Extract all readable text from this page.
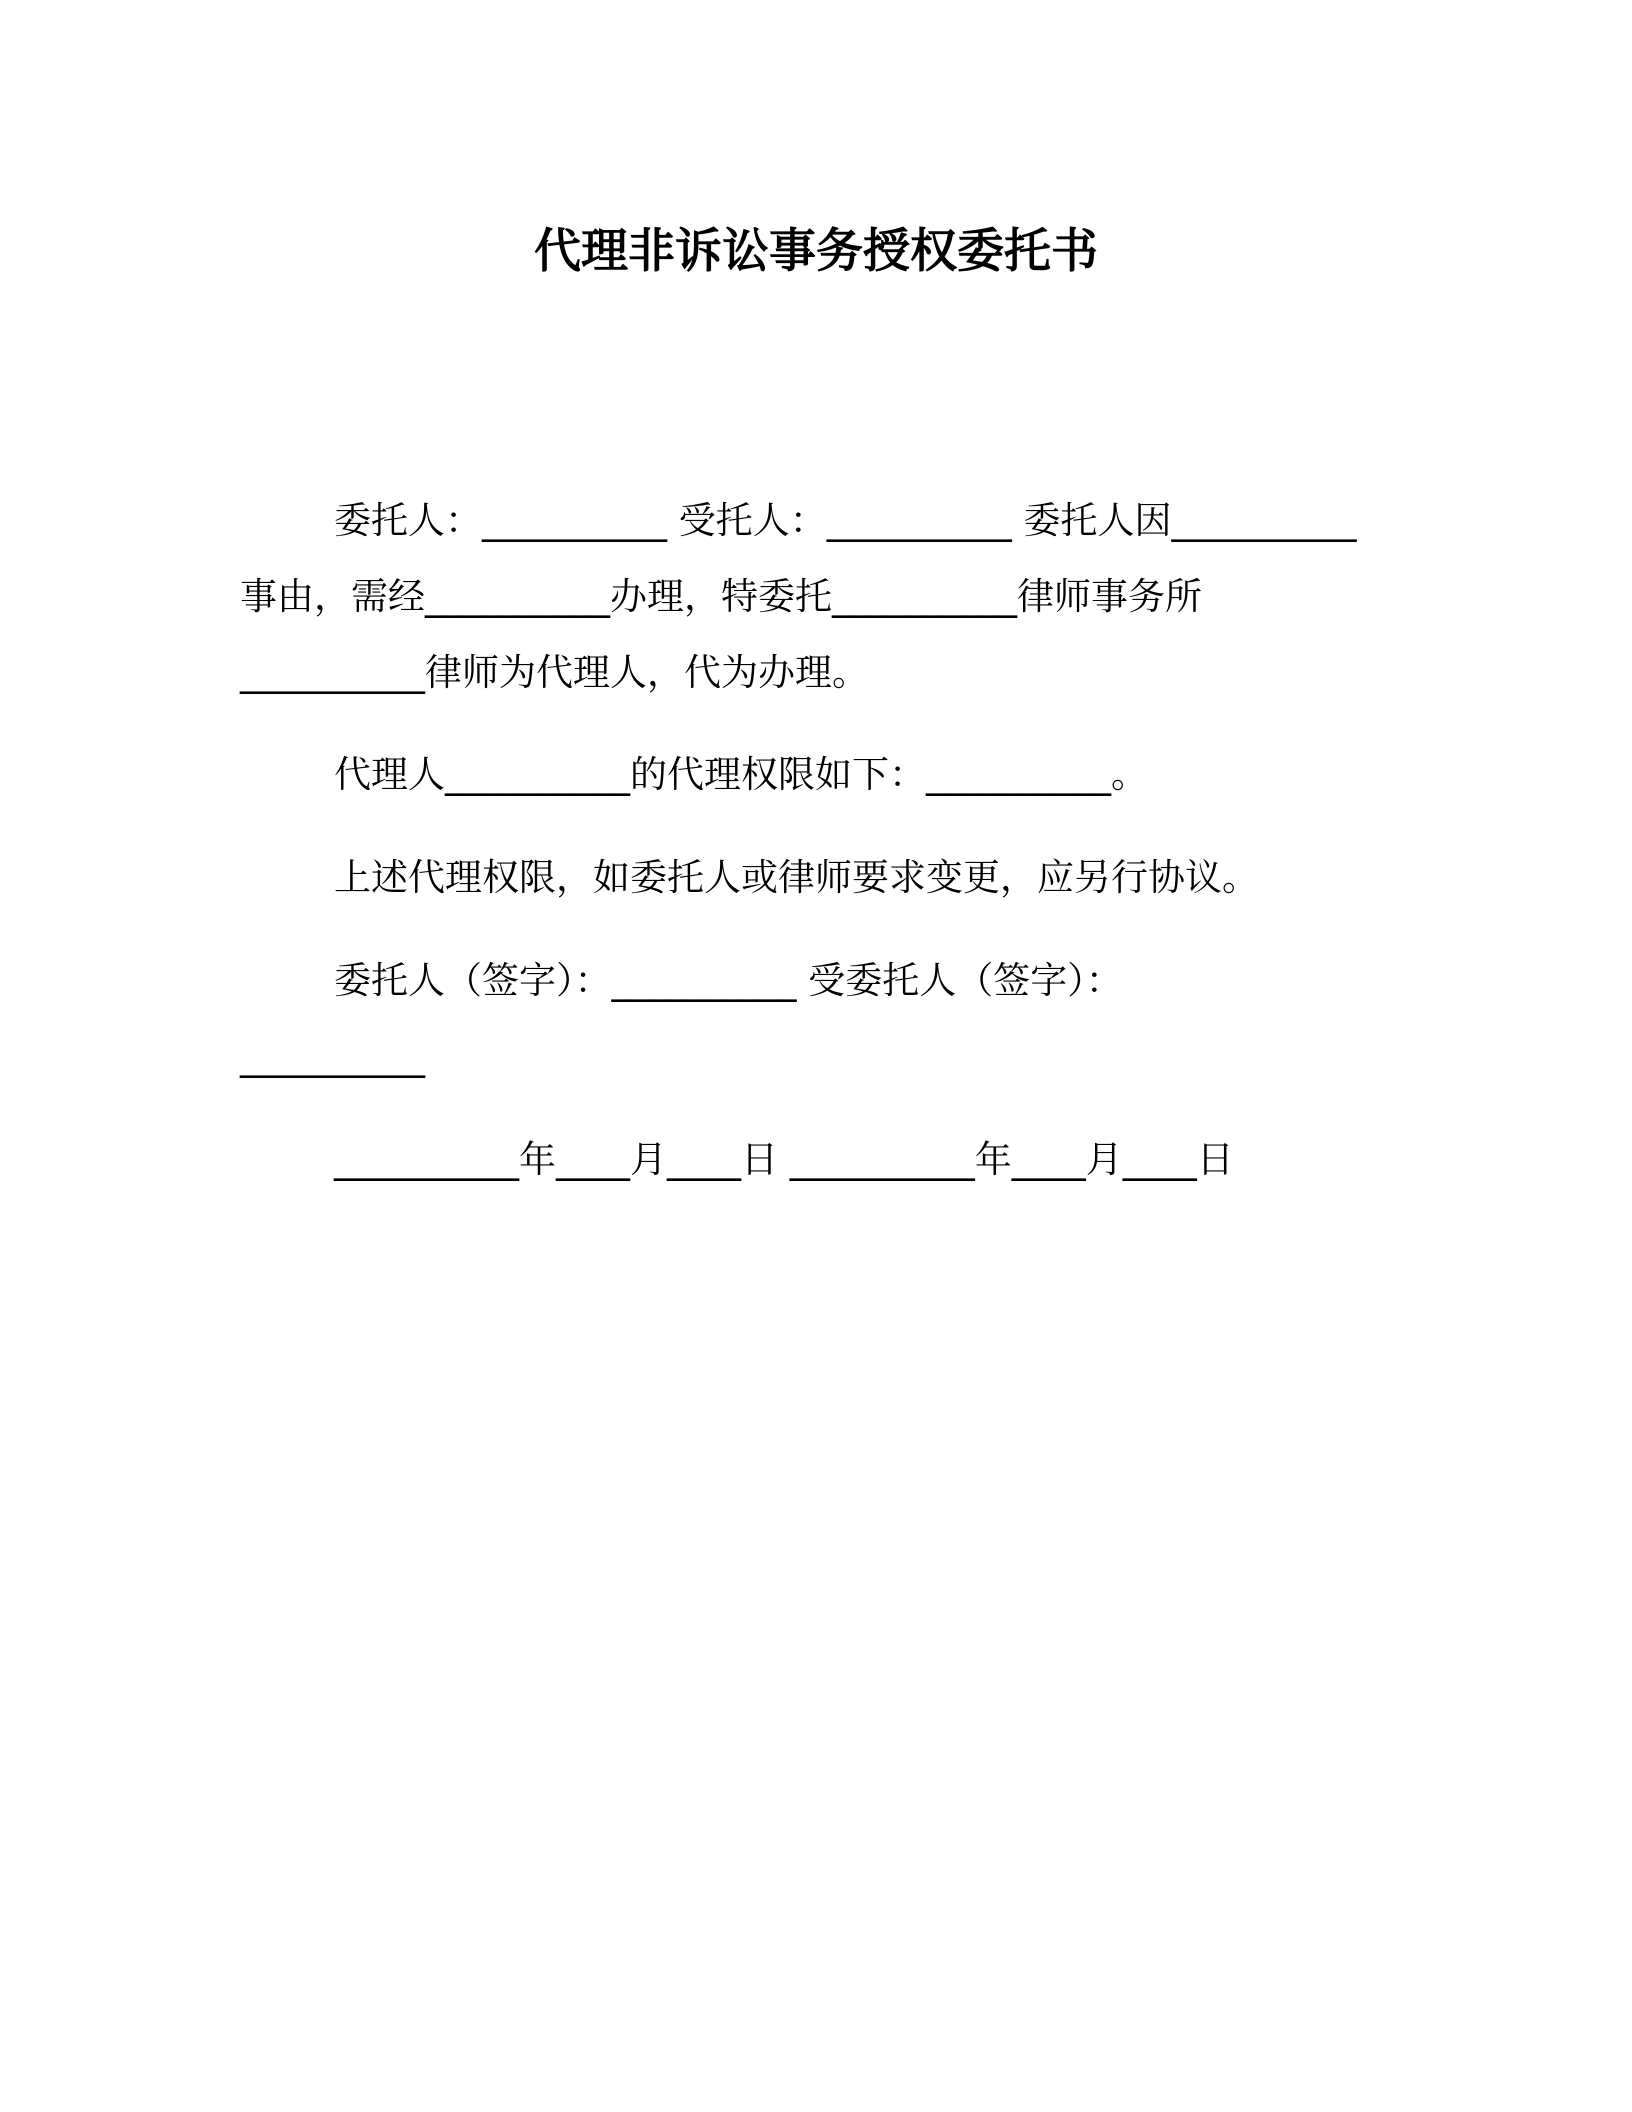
代理非诉讼事务授权委托书
委托人：__________ 受托人：__________ 委托人因__________
事由，需经__________办理，特委托__________律师事务所
__________律师为代理人，代为办理。
代理人__________的代理权限如下：__________。
上述代理权限，如委托人或律师要求变更，应另行协议。
委托人（签字）：__________ 受委托人（签字）：
__________
__________年____月____日 __________年____月____日
